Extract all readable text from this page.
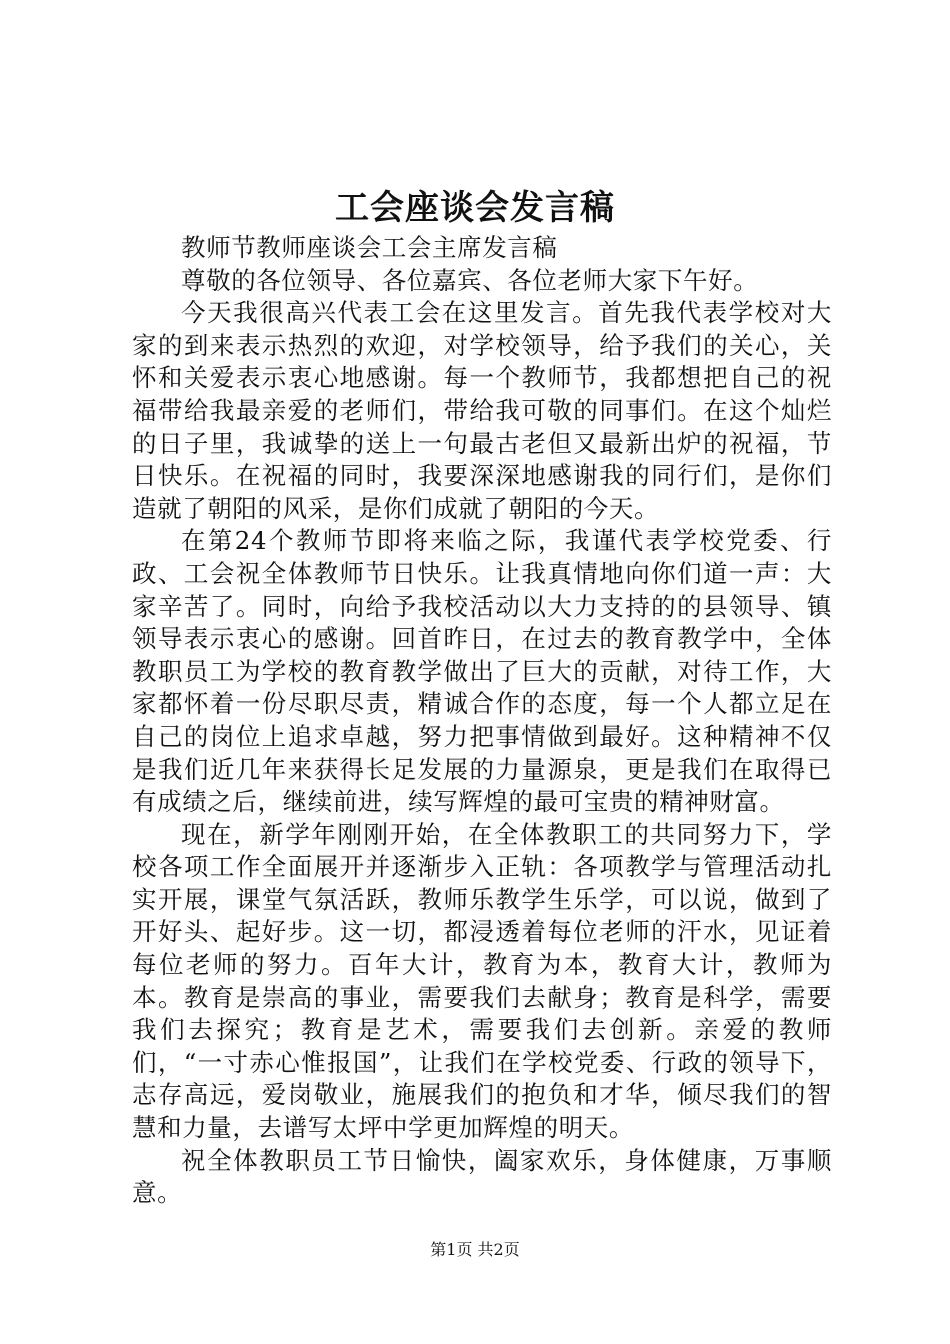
工会座谈会发言稿

教师节教师座谈会工会主席发言稿

尊敬的各位领导、各位嘉宾、各位老师大家下午好。

今天我很高兴代表工会在这里发言。首先我代表学校对大家的到来表示热烈的欢迎，对学校领导，给予我们的关心，关怀和关爱表示衷心地感谢。每一个教师节，我都想把自己的祝福带给我最亲爱的老师们，带给我可敬的同事们。在这个灿烂的日子里，我诚挚的送上一句最古老但又最新出炉的祝福，节日快乐。在祝福的同时，我要深深地感谢我的同行们，是你们造就了朝阳的风采，是你们成就了朝阳的今天。

在第24个教师节即将来临之际，我谨代表学校党委、行政、工会祝全体教师节日快乐。让我真情地向你们道一声：大家辛苦了。同时，向给予我校活动以大力支持的的县领导、镇领导表示衷心的感谢。回首昨日，在过去的教育教学中，全体教职员工为学校的教育教学做出了巨大的贡献，对待工作，大家都怀着一份尽职尽责，精诚合作的态度，每一个人都立足在自己的岗位上追求卓越，努力把事情做到最好。这种精神不仅是我们近几年来获得长足发展的力量源泉，更是我们在取得已有成绩之后，继续前进，续写辉煌的最可宝贵的精神财富。

现在，新学年刚刚开始，在全体教职工的共同努力下，学校各项工作全面展开并逐渐步入正轨：各项教学与管理活动扎实开展，课堂气氛活跃，教师乐教学生乐学，可以说，做到了开好头、起好步。这一切，都浸透着每位老师的汗水，见证着每位老师的努力。百年大计，教育为本，教育大计，教师为本。教育是崇高的事业，需要我们去献身；教育是科学，需要我们去探究；教育是艺术，需要我们去创新。亲爱的教师们，“一寸赤心惟报国”，让我们在学校党委、行政的领导下，志存高远，爱岗敬业，施展我们的抱负和才华，倾尽我们的智慧和力量，去谱写太坪中学更加辉煌的明天。

祝全体教职员工节日愉快，阖家欢乐，身体健康，万事顺意。

第1页 共2页
